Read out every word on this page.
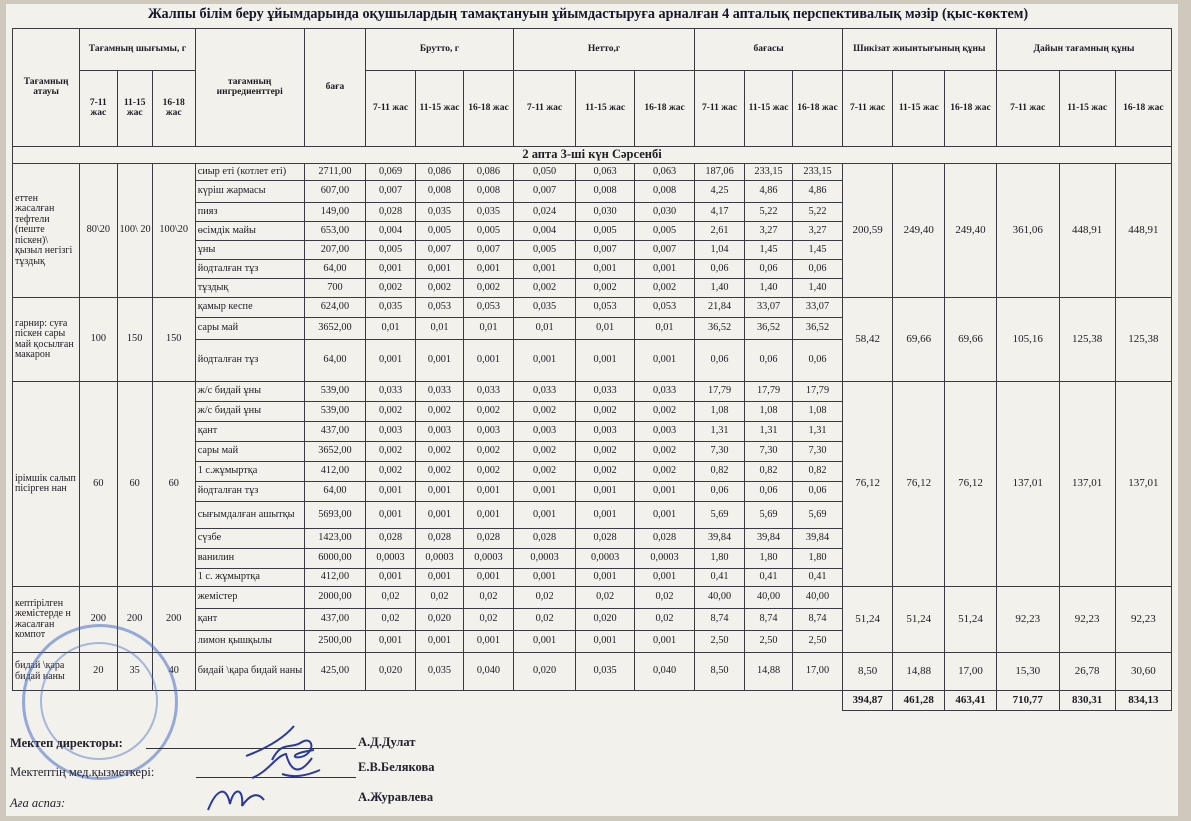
Жалпы білім беру ұйымдарында оқушылардың тамақтануын ұйымдастыруға арналған 4 апталық перспективалық мәзір (қыс-көктем)
Тағамның атауы	Тағамның шығымы, г			тағамның ингредиенттері	баға	Брутто, г			Нетто,г			бағасы			Шикізат жиынтығының құны			Дайын тағамның құны		
	7-11 жас	11-15 жас	16-18 жас			7-11 жас	11-15 жас	16-18 жас	7-11 жас	11-15 жас	16-18 жас	7-11 жас	11-15 жас	16-18 жас	7-11 жас	11-15 жас	16-18 жас	7-11 жас	11-15 жас	16-18 жас
2 апта 3-ші күн Сәрсенбі																				
еттен жасалған тефтели (пеште піскен)\ қызыл негізгі тұздық	80\20	100\ 20	100\20	сиыр еті (котлет еті)	2711,00	0,069	0,086	0,086	0,050	0,063	0,063	187,06	233,15	233,15	200,59	249,40	249,40	361,06	448,91	448,91
				күріш жармасы	607,00	0,007	0,008	0,008	0,007	0,008	0,008	4,25	4,86	4,86						
				пияз	149,00	0,028	0,035	0,035	0,024	0,030	0,030	4,17	5,22	5,22						
				өсімдік майы	653,00	0,004	0,005	0,005	0,004	0,005	0,005	2,61	3,27	3,27						
				ұны	207,00	0,005	0,007	0,007	0,005	0,007	0,007	1,04	1,45	1,45						
				йодталған тұз	64,00	0,001	0,001	0,001	0,001	0,001	0,001	0,06	0,06	0,06						
				тұздық	700	0,002	0,002	0,002	0,002	0,002	0,002	1,40	1,40	1,40						
гарнир: суға піскен сары май қосылған макарон	100	150	150	қамыр кеспе	624,00	0,035	0,053	0,053	0,035	0,053	0,053	21,84	33,07	33,07	58,42	69,66	69,66	105,16	125,38	125,38
				сары май	3652,00	0,01	0,01	0,01	0,01	0,01	0,01	36,52	36,52	36,52						
				йодталған тұз	64,00	0,001	0,001	0,001	0,001	0,001	0,001	0,06	0,06	0,06						
ірімшік салып пісірген нан	60	60	60	ж/с бидай ұны	539,00	0,033	0,033	0,033	0,033	0,033	0,033	17,79	17,79	17,79	76,12	76,12	76,12	137,01	137,01	137,01
				ж/с бидай ұны	539,00	0,002	0,002	0,002	0,002	0,002	0,002	1,08	1,08	1,08						
				қант	437,00	0,003	0,003	0,003	0,003	0,003	0,003	1,31	1,31	1,31						
				сары май	3652,00	0,002	0,002	0,002	0,002	0,002	0,002	7,30	7,30	7,30						
				1 с.жұмыртқа	412,00	0,002	0,002	0,002	0,002	0,002	0,002	0,82	0,82	0,82						
				йодталған тұз	64,00	0,001	0,001	0,001	0,001	0,001	0,001	0,06	0,06	0,06						
				сығымдалған ашытқы	5693,00	0,001	0,001	0,001	0,001	0,001	0,001	5,69	5,69	5,69						
				сүзбе	1423,00	0,028	0,028	0,028	0,028	0,028	0,028	39,84	39,84	39,84						
				ванилин	6000,00	0,0003	0,0003	0,0003	0,0003	0,0003	0,0003	1,80	1,80	1,80						
				1 с. жұмыртқа	412,00	0,001	0,001	0,001	0,001	0,001	0,001	0,41	0,41	0,41						
кептірілген жемістерде н жасалған компот	200	200	200	жемістер	2000,00	0,02	0,02	0,02	0,02	0,02	0,02	40,00	40,00	40,00	51,24	51,24	51,24	92,23	92,23	92,23
				қант	437,00	0,02	0,020	0,02	0,02	0,020	0,02	8,74	8,74	8,74						
				лимон қышқылы	2500,00	0,001	0,001	0,001	0,001	0,001	0,001	2,50	2,50	2,50						
бидай \қара бидай наны	20	35	40	бидай \қара бидай наны	425,00	0,020	0,035	0,040	0,020	0,035	0,040	8,50	14,88	17,00	8,50	14,88	17,00	15,30	26,78	30,60
															394,87	461,28	463,41	710,77	830,31	834,13
Мектеп директоры:	А.Д.Дулат
Мектептің мед.қызметкері:	Е.В.Белякова
Аға аспаз:	А.Журавлева
